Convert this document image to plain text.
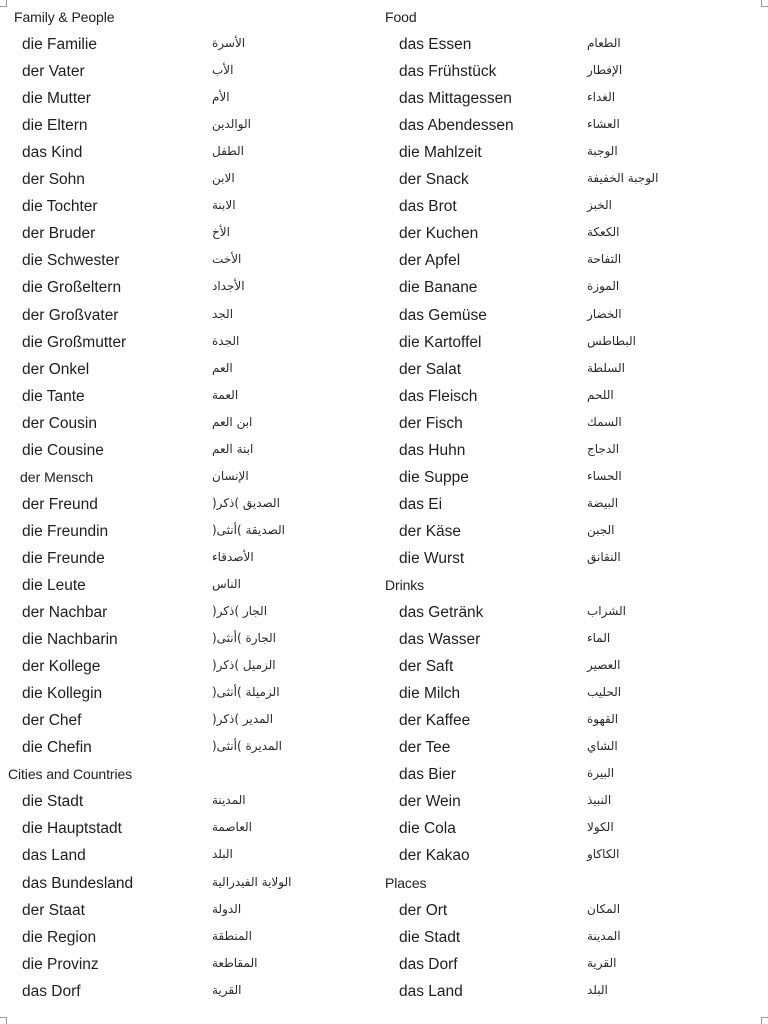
Family & People
die Familie	الأسرة
der Vater	الأب
die Mutter	الأم
die Eltern	الوالدين
das Kind	الطفل
der Sohn	الابن
die Tochter	الابنة
der Bruder	الأخ
die Schwester	الأخت
die Großeltern	الأجداد
der Großvater	الجد
die Großmutter	الجدة
der Onkel	العم
die Tante	العمة
der Cousin	ابن العم
die Cousine	ابنة العم
der Mensch	الإنسان
der Freund	الصديق )ذكر(
die Freundin	الصديقة )أنثى(
die Freunde	الأصدقاء
die Leute	الناس
der Nachbar	الجار )ذكر(
die Nachbarin	الجارة )أنثى(
der Kollege	الزميل )ذكر(
die Kollegin	الزميلة )أنثى(
der Chef	المدير )ذكر(
die Chefin	المديرة )أنثى(
Cities and Countries
die Stadt	المدينة
die Hauptstadt	العاصمة
das Land	البلد
das Bundesland	الولاية الفيدرالية
der Staat	الدولة
die Region	المنطقة
die Provinz	المقاطعة
das Dorf	القرية
Food
das Essen	الطعام
das Frühstück	الإفطار
das Mittagessen	الغداء
das Abendessen	العشاء
die Mahlzeit	الوجبة
der Snack	الوجبة الخفيفة
das Brot	الخبز
der Kuchen	الكعكة
der Apfel	التفاحة
die Banane	الموزة
das Gemüse	الخضار
die Kartoffel	البطاطس
der Salat	السلطة
das Fleisch	اللحم
der Fisch	السمك
das Huhn	الدجاج
die Suppe	الحساء
das Ei	البيضة
der Käse	الجبن
die Wurst	النقانق
Drinks
das Getränk	الشراب
das Wasser	الماء
der Saft	العصير
die Milch	الحليب
der Kaffee	القهوة
der Tee	الشاي
das Bier	البيرة
der Wein	النبيذ
die Cola	الكولا
der Kakao	الكاكاو
Places
der Ort	المكان
die Stadt	المدينة
das Dorf	القرية
das Land	البلد
